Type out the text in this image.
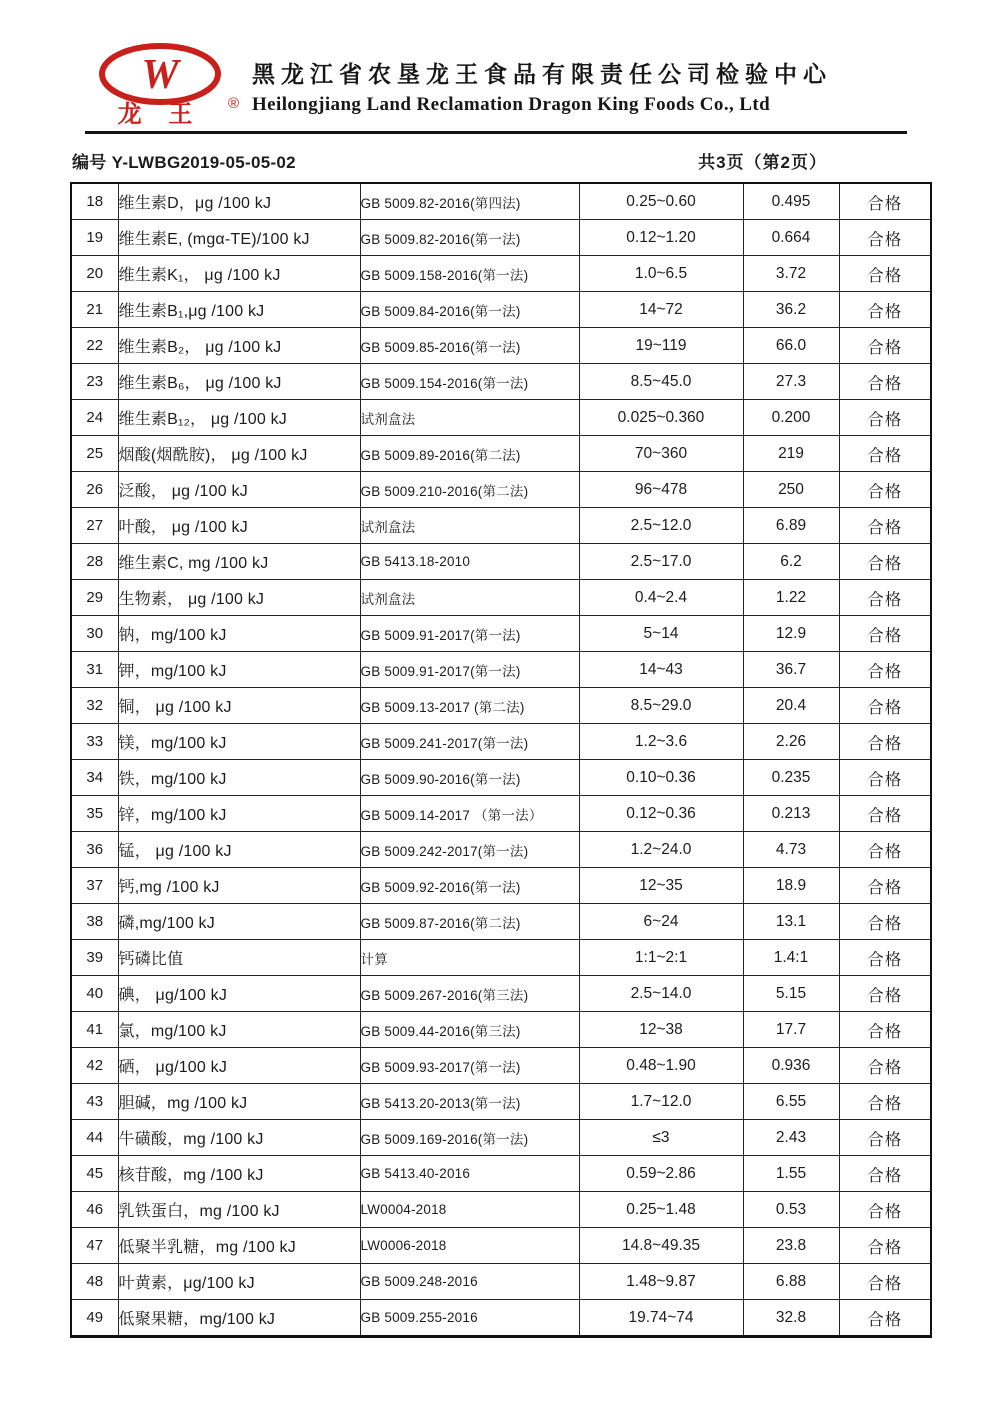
W
龙 王 ®
黑龙江省农垦龙王食品有限责任公司检验中心
Heilongjiang Land Reclamation Dragon King Foods Co., Ltd
编号 Y-LWBG2019-05-05-02	共3页（第2页）
18	维生素D，μg /100 kJ	GB 5009.82-2016(第四法)	0.25~0.60	0.495	合格
19	维生素E, (mgα-TE)/100 kJ	GB 5009.82-2016(第一法)	0.12~1.20	0.664	合格
20	维生素K₁， μg /100 kJ	GB 5009.158-2016(第一法)	1.0~6.5	3.72	合格
21	维生素B₁,μg /100 kJ	GB 5009.84-2016(第一法)	14~72	36.2	合格
22	维生素B₂， μg /100 kJ	GB 5009.85-2016(第一法)	19~119	66.0	合格
23	维生素B₆， μg /100 kJ	GB 5009.154-2016(第一法)	8.5~45.0	27.3	合格
24	维生素B₁₂， μg /100 kJ	试剂盒法	0.025~0.360	0.200	合格
25	烟酸(烟酰胺)， μg /100 kJ	GB 5009.89-2016(第二法)	70~360	219	合格
26	泛酸， μg /100 kJ	GB 5009.210-2016(第二法)	96~478	250	合格
27	叶酸， μg /100 kJ	试剂盒法	2.5~12.0	6.89	合格
28	维生素C, mg /100 kJ	GB 5413.18-2010	2.5~17.0	6.2	合格
29	生物素， μg /100 kJ	试剂盒法	0.4~2.4	1.22	合格
30	钠，mg/100 kJ	GB 5009.91-2017(第一法)	5~14	12.9	合格
31	钾，mg/100 kJ	GB 5009.91-2017(第一法)	14~43	36.7	合格
32	铜， μg /100 kJ	GB 5009.13-2017 (第二法)	8.5~29.0	20.4	合格
33	镁，mg/100 kJ	GB 5009.241-2017(第一法)	1.2~3.6	2.26	合格
34	铁，mg/100 kJ	GB 5009.90-2016(第一法)	0.10~0.36	0.235	合格
35	锌，mg/100 kJ	GB 5009.14-2017 （第一法）	0.12~0.36	0.213	合格
36	锰， μg /100 kJ	GB 5009.242-2017(第一法)	1.2~24.0	4.73	合格
37	钙,mg /100 kJ	GB 5009.92-2016(第一法)	12~35	18.9	合格
38	磷,mg/100 kJ	GB 5009.87-2016(第二法)	6~24	13.1	合格
39	钙磷比值	计算	1:1~2:1	1.4:1	合格
40	碘， μg/100 kJ	GB 5009.267-2016(第三法)	2.5~14.0	5.15	合格
41	氯，mg/100 kJ	GB 5009.44-2016(第三法)	12~38	17.7	合格
42	硒， μg/100 kJ	GB 5009.93-2017(第一法)	0.48~1.90	0.936	合格
43	胆碱，mg /100 kJ	GB 5413.20-2013(第一法)	1.7~12.0	6.55	合格
44	牛磺酸，mg /100 kJ	GB 5009.169-2016(第一法)	≤3	2.43	合格
45	核苷酸，mg /100 kJ	GB 5413.40-2016	0.59~2.86	1.55	合格
46	乳铁蛋白，mg /100 kJ	LW0004-2018	0.25~1.48	0.53	合格
47	低聚半乳糖，mg /100 kJ	LW0006-2018	14.8~49.35	23.8	合格
48	叶黄素，μg/100 kJ	GB 5009.248-2016	1.48~9.87	6.88	合格
49	低聚果糖，mg/100 kJ	GB 5009.255-2016	19.74~74	32.8	合格
